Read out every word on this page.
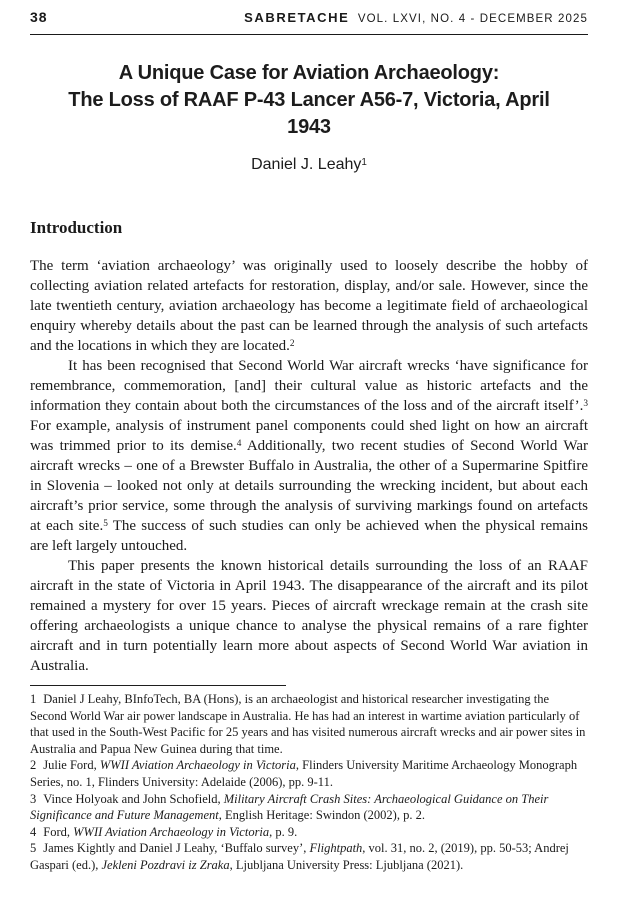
38	SABRETACHE VOL. LXVI, NO. 4 - DECEMBER 2025
A Unique Case for Aviation Archaeology:
The Loss of RAAF P-43 Lancer A56-7, Victoria, April
1943
Daniel J. Leahy$^1$
Introduction

The term ‘aviation archaeology’ was originally used to loosely describe the hobby of collecting aviation related artefacts for restoration, display, and/or sale. However, since the late twentieth century, aviation archaeology has become a legitimate field of archaeological enquiry whereby details about the past can be learned through the analysis of such artefacts and the locations in which they are located.$^2$

It has been recognised that Second World War aircraft wrecks ‘have significance for remembrance, commemoration, [and] their cultural value as historic artefacts and the information they contain about both the circumstances of the loss and of the aircraft itself’.$^3$ For example, analysis of instrument panel components could shed light on how an aircraft was trimmed prior to its demise.$^4$ Additionally, two recent studies of Second World War aircraft wrecks – one of a Brewster Buffalo in Australia, the other of a Supermarine Spitfire in Slovenia – looked not only at details surrounding the wrecking incident, but about each aircraft’s prior service, some through the analysis of surviving markings found on artefacts at each site.$^5$ The success of such studies can only be achieved when the physical remains are left largely untouched.

This paper presents the known historical details surrounding the loss of an RAAF aircraft in the state of Victoria in April 1943. The disappearance of the aircraft and its pilot remained a mystery for over 15 years. Pieces of aircraft wreckage remain at the crash site offering archaeologists a unique chance to analyse the physical remains of a rare fighter aircraft and in turn potentially learn more about aspects of Second World War aviation in Australia.

1 Daniel J Leahy, BInfoTech, BA (Hons), is an archaeologist and historical researcher investigating the Second World War air power landscape in Australia. He has had an interest in wartime aviation particularly of that used in the South-West Pacific for 25 years and has visited numerous aircraft wrecks and air power sites in Australia and Papua New Guinea during that time.

2 Julie Ford, WWII Aviation Archaeology in Victoria, Flinders University Maritime Archaeology Monograph Series, no. 1, Flinders University: Adelaide (2006), pp. 9-11.

3 Vince Holyoak and John Schofield, Military Aircraft Crash Sites: Archaeological Guidance on Their Significance and Future Management, English Heritage: Swindon (2002), p. 2.

4 Ford, WWII Aviation Archaeology in Victoria, p. 9.

5 James Kightly and Daniel J Leahy, ‘Buffalo survey’, Flightpath, vol. 31, no. 2, (2019), pp. 50-53; Andrej Gaspari (ed.), Jekleni Pozdravi iz Zraka, Ljubljana University Press: Ljubljana (2021).
